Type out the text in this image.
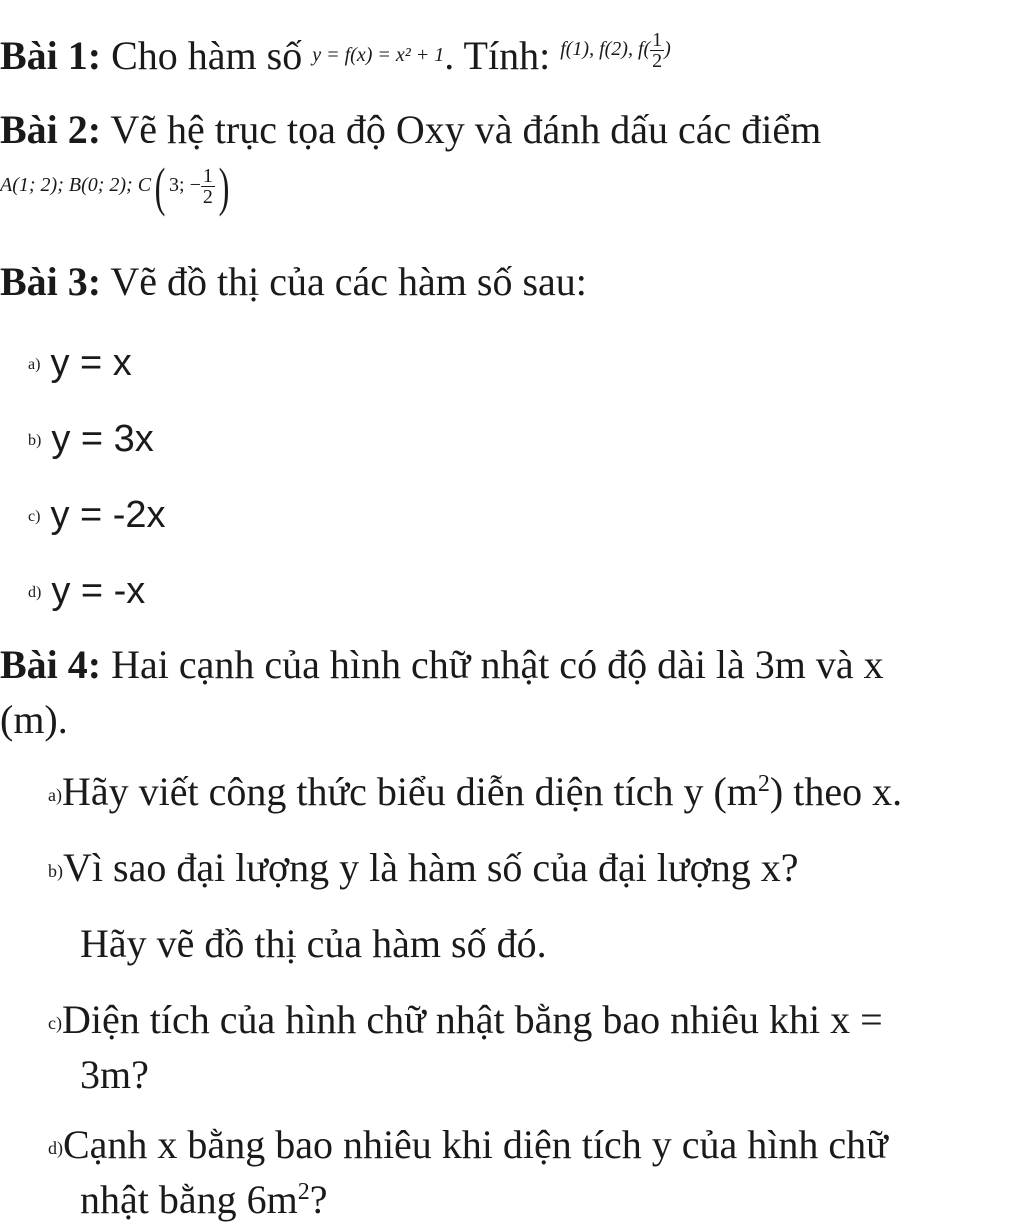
Bài 1: Cho hàm số $^{y = f(x) = x^2 + 1}$. Tính: $^{f(1), f(2), f( \frac{1}{2} )}$
Bài 2: Vẽ hệ trục tọa độ Oxy và đánh dấu các điểm
A(1; 2); B(0; 2); C( 3; − $\frac{1}{2}$ )
Bài 3: Vẽ đồ thị của các hàm số sau:
a) y = x
b) y = 3x
c) y = -2x
d) y = -x
Bài 4: Hai cạnh của hình chữ nhật có độ dài là 3m và x
(m).
a)Hãy viết công thức biểu diễn diện tích y $(m^2)$ theo x.
b)Vì sao đại lượng y là hàm số của đại lượng x?
Hãy vẽ đồ thị của hàm số đó.
c)Diện tích của hình chữ nhật bằng bao nhiêu khi x =
3m?
d)Cạnh x bằng bao nhiêu khi diện tích y của hình chữ
nhật bằng $6m^2$?
